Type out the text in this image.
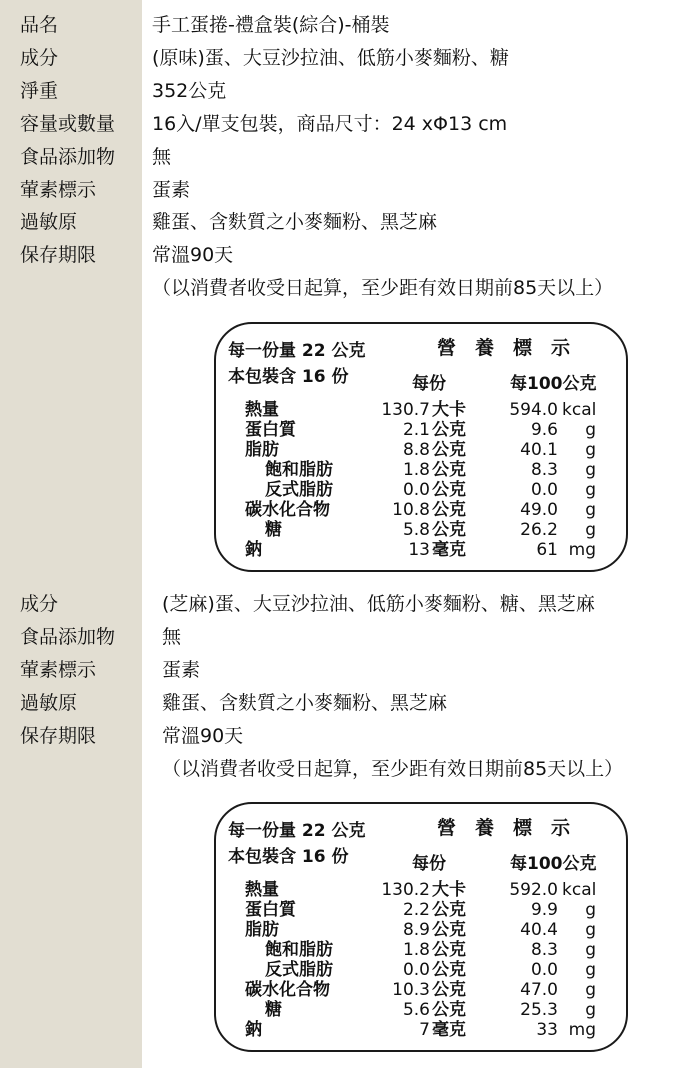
品名	手工蛋捲-禮盒裝(綜合)-桶裝
成分	(原味)蛋、大豆沙拉油、低筋小麥麵粉、糖
淨重	352公克
容量或數量 16入/單支包裝，商品尺寸：24 xΦ13 cm
食品添加物 無
葷素標示	蛋素
過敏原	雞蛋、含麩質之小麥麵粉、黑芝麻
保存期限	常溫90天
（以消費者收受日起算，至少距有效日期前85天以上）
每一份量 22 公克	營　養　標　示
本包裝含 16 份	每份	每100公克
熱量	130.7 大卡	594.0 kcal
蛋白質	2.1 公克	9.6	g
脂肪	8.8 公克	40.1	g
飽和脂肪	1.8 公克	8.3	g
反式脂肪	0.0 公克	0.0	g
碳水化合物	10.8 公克	49.0	g
糖	5.8 公克	26.2	g
鈉	13 毫克	61 mg
成分	(芝麻)蛋、大豆沙拉油、低筋小麥麵粉、糖、黑芝麻
食品添加物 無
葷素標示	蛋素
過敏原	雞蛋、含麩質之小麥麵粉、黑芝麻
保存期限	常溫90天
（以消費者收受日起算，至少距有效日期前85天以上）
每一份量 22 公克	營　養　標　示
本包裝含 16 份	每份	每100公克
熱量	130.2 大卡	592.0 kcal
蛋白質	2.2 公克	9.9	g
脂肪	8.9 公克	40.4	g
飽和脂肪	1.8 公克	8.3	g
反式脂肪	0.0 公克	0.0	g
碳水化合物	10.3 公克	47.0	g
糖	5.6 公克	25.3	g
鈉	7 毫克	33 mg
